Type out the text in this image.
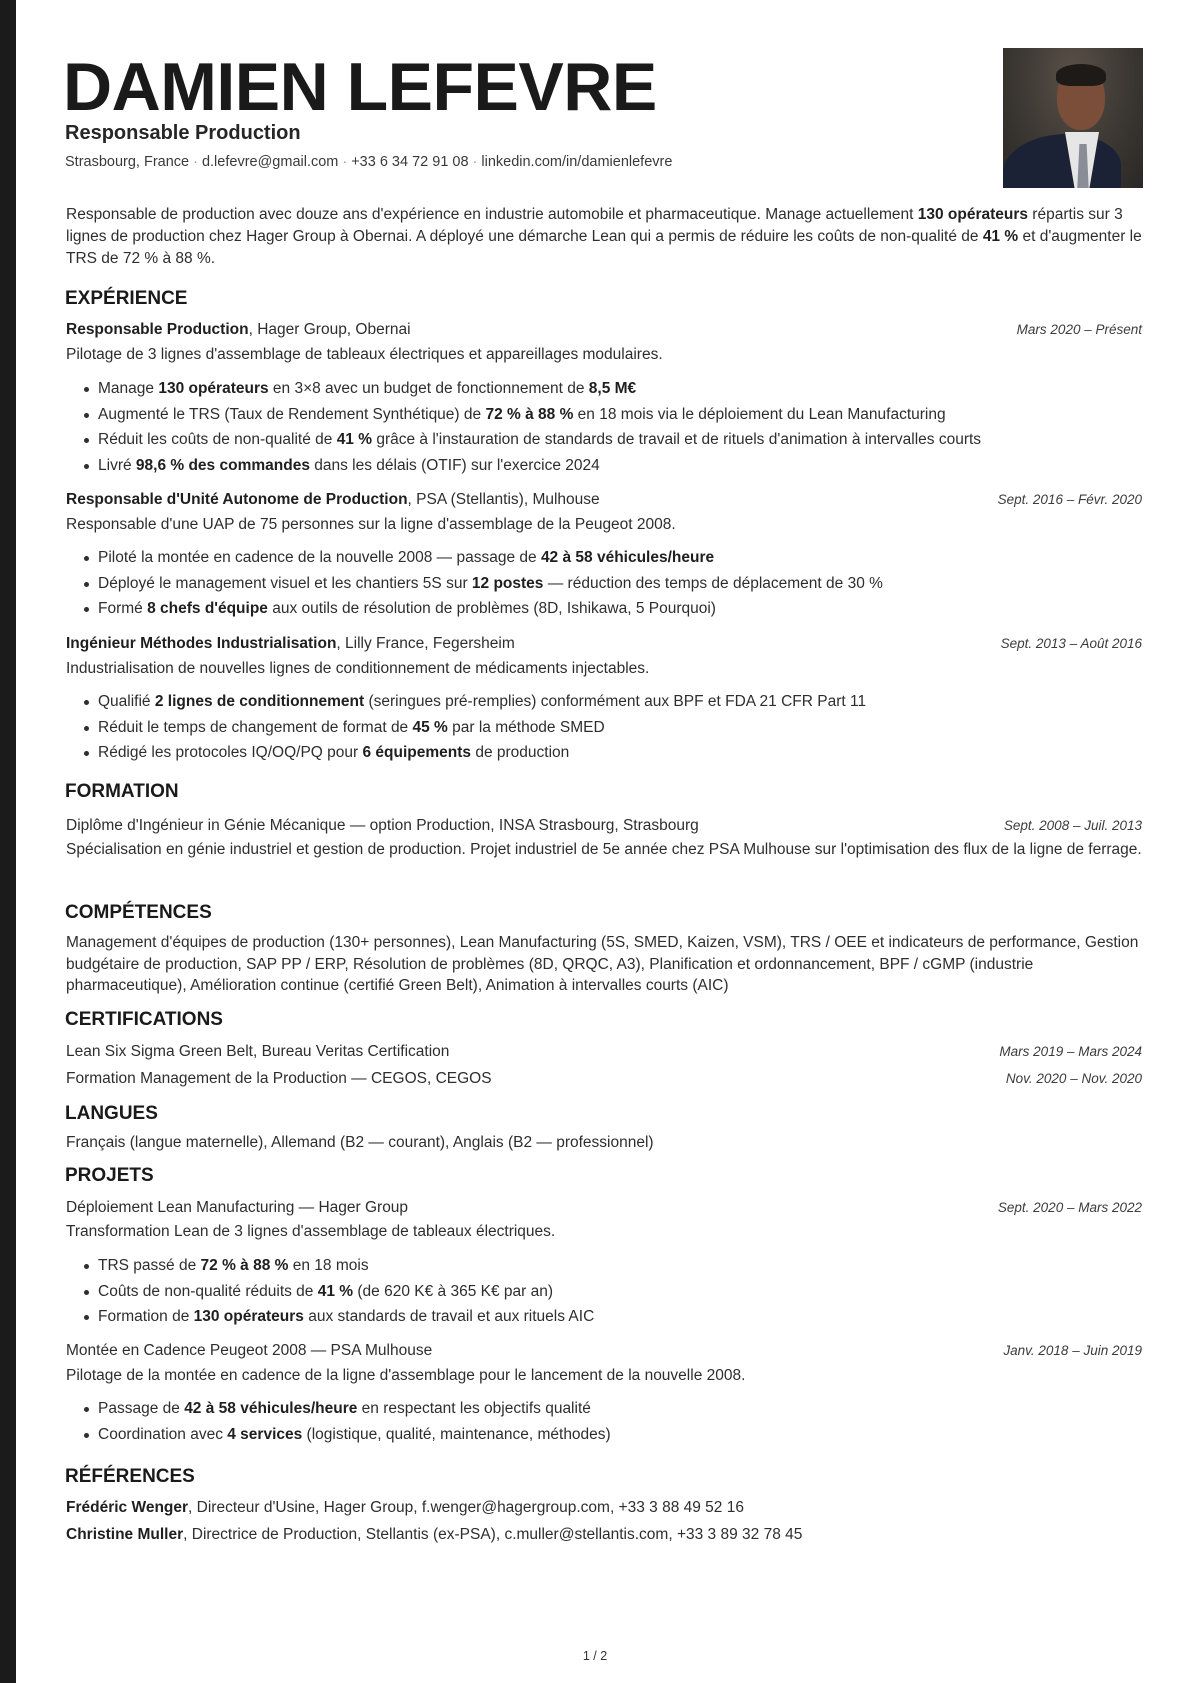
DAMIEN LEFEVRE
Responsable Production
Strasbourg, France · d.lefevre@gmail.com · +33 6 34 72 91 08 · linkedin.com/in/damienlefevre
Responsable de production avec douze ans d'expérience en industrie automobile et pharmaceutique. Manage actuellement 130 opérateurs répartis sur 3 lignes de production chez Hager Group à Obernai. A déployé une démarche Lean qui a permis de réduire les coûts de non-qualité de 41 % et d'augmenter le TRS de 72 % à 88 %.
EXPÉRIENCE
Responsable Production, Hager Group, Obernai	Mars 2020 – Présent
Pilotage de 3 lignes d'assemblage de tableaux électriques et appareillages modulaires.
Manage 130 opérateurs en 3×8 avec un budget de fonctionnement de 8,5 M€
Augmenté le TRS (Taux de Rendement Synthétique) de 72 % à 88 % en 18 mois via le déploiement du Lean Manufacturing
Réduit les coûts de non-qualité de 41 % grâce à l'instauration de standards de travail et de rituels d'animation à intervalles courts
Livré 98,6 % des commandes dans les délais (OTIF) sur l'exercice 2024
Responsable d'Unité Autonome de Production, PSA (Stellantis), Mulhouse	Sept. 2016 – Févr. 2020
Responsable d'une UAP de 75 personnes sur la ligne d'assemblage de la Peugeot 2008.
Piloté la montée en cadence de la nouvelle 2008 — passage de 42 à 58 véhicules/heure
Déployé le management visuel et les chantiers 5S sur 12 postes — réduction des temps de déplacement de 30 %
Formé 8 chefs d'équipe aux outils de résolution de problèmes (8D, Ishikawa, 5 Pourquoi)
Ingénieur Méthodes Industrialisation, Lilly France, Fegersheim	Sept. 2013 – Août 2016
Industrialisation de nouvelles lignes de conditionnement de médicaments injectables.
Qualifié 2 lignes de conditionnement (seringues pré-remplies) conformément aux BPF et FDA 21 CFR Part 11
Réduit le temps de changement de format de 45 % par la méthode SMED
Rédigé les protocoles IQ/OQ/PQ pour 6 équipements de production
FORMATION
Diplôme d'Ingénieur in Génie Mécanique — option Production, INSA Strasbourg, Strasbourg	Sept. 2008 – Juil. 2013
Spécialisation en génie industriel et gestion de production. Projet industriel de 5e année chez PSA Mulhouse sur l'optimisation des flux de la ligne de ferrage.
COMPÉTENCES
Management d'équipes de production (130+ personnes), Lean Manufacturing (5S, SMED, Kaizen, VSM), TRS / OEE et indicateurs de performance, Gestion budgétaire de production, SAP PP / ERP, Résolution de problèmes (8D, QRQC, A3), Planification et ordonnancement, BPF / cGMP (industrie pharmaceutique), Amélioration continue (certifié Green Belt), Animation à intervalles courts (AIC)
CERTIFICATIONS
Lean Six Sigma Green Belt, Bureau Veritas Certification	Mars 2019 – Mars 2024
Formation Management de la Production — CEGOS, CEGOS	Nov. 2020 – Nov. 2020
LANGUES
Français (langue maternelle), Allemand (B2 — courant), Anglais (B2 — professionnel)
PROJETS
Déploiement Lean Manufacturing — Hager Group	Sept. 2020 – Mars 2022
Transformation Lean de 3 lignes d'assemblage de tableaux électriques.
TRS passé de 72 % à 88 % en 18 mois
Coûts de non-qualité réduits de 41 % (de 620 K€ à 365 K€ par an)
Formation de 130 opérateurs aux standards de travail et aux rituels AIC
Montée en Cadence Peugeot 2008 — PSA Mulhouse	Janv. 2018 – Juin 2019
Pilotage de la montée en cadence de la ligne d'assemblage pour le lancement de la nouvelle 2008.
Passage de 42 à 58 véhicules/heure en respectant les objectifs qualité
Coordination avec 4 services (logistique, qualité, maintenance, méthodes)
RÉFÉRENCES
Frédéric Wenger, Directeur d'Usine, Hager Group, f.wenger@hagergroup.com, +33 3 88 49 52 16
Christine Muller, Directrice de Production, Stellantis (ex-PSA), c.muller@stellantis.com, +33 3 89 32 78 45
1 / 2
